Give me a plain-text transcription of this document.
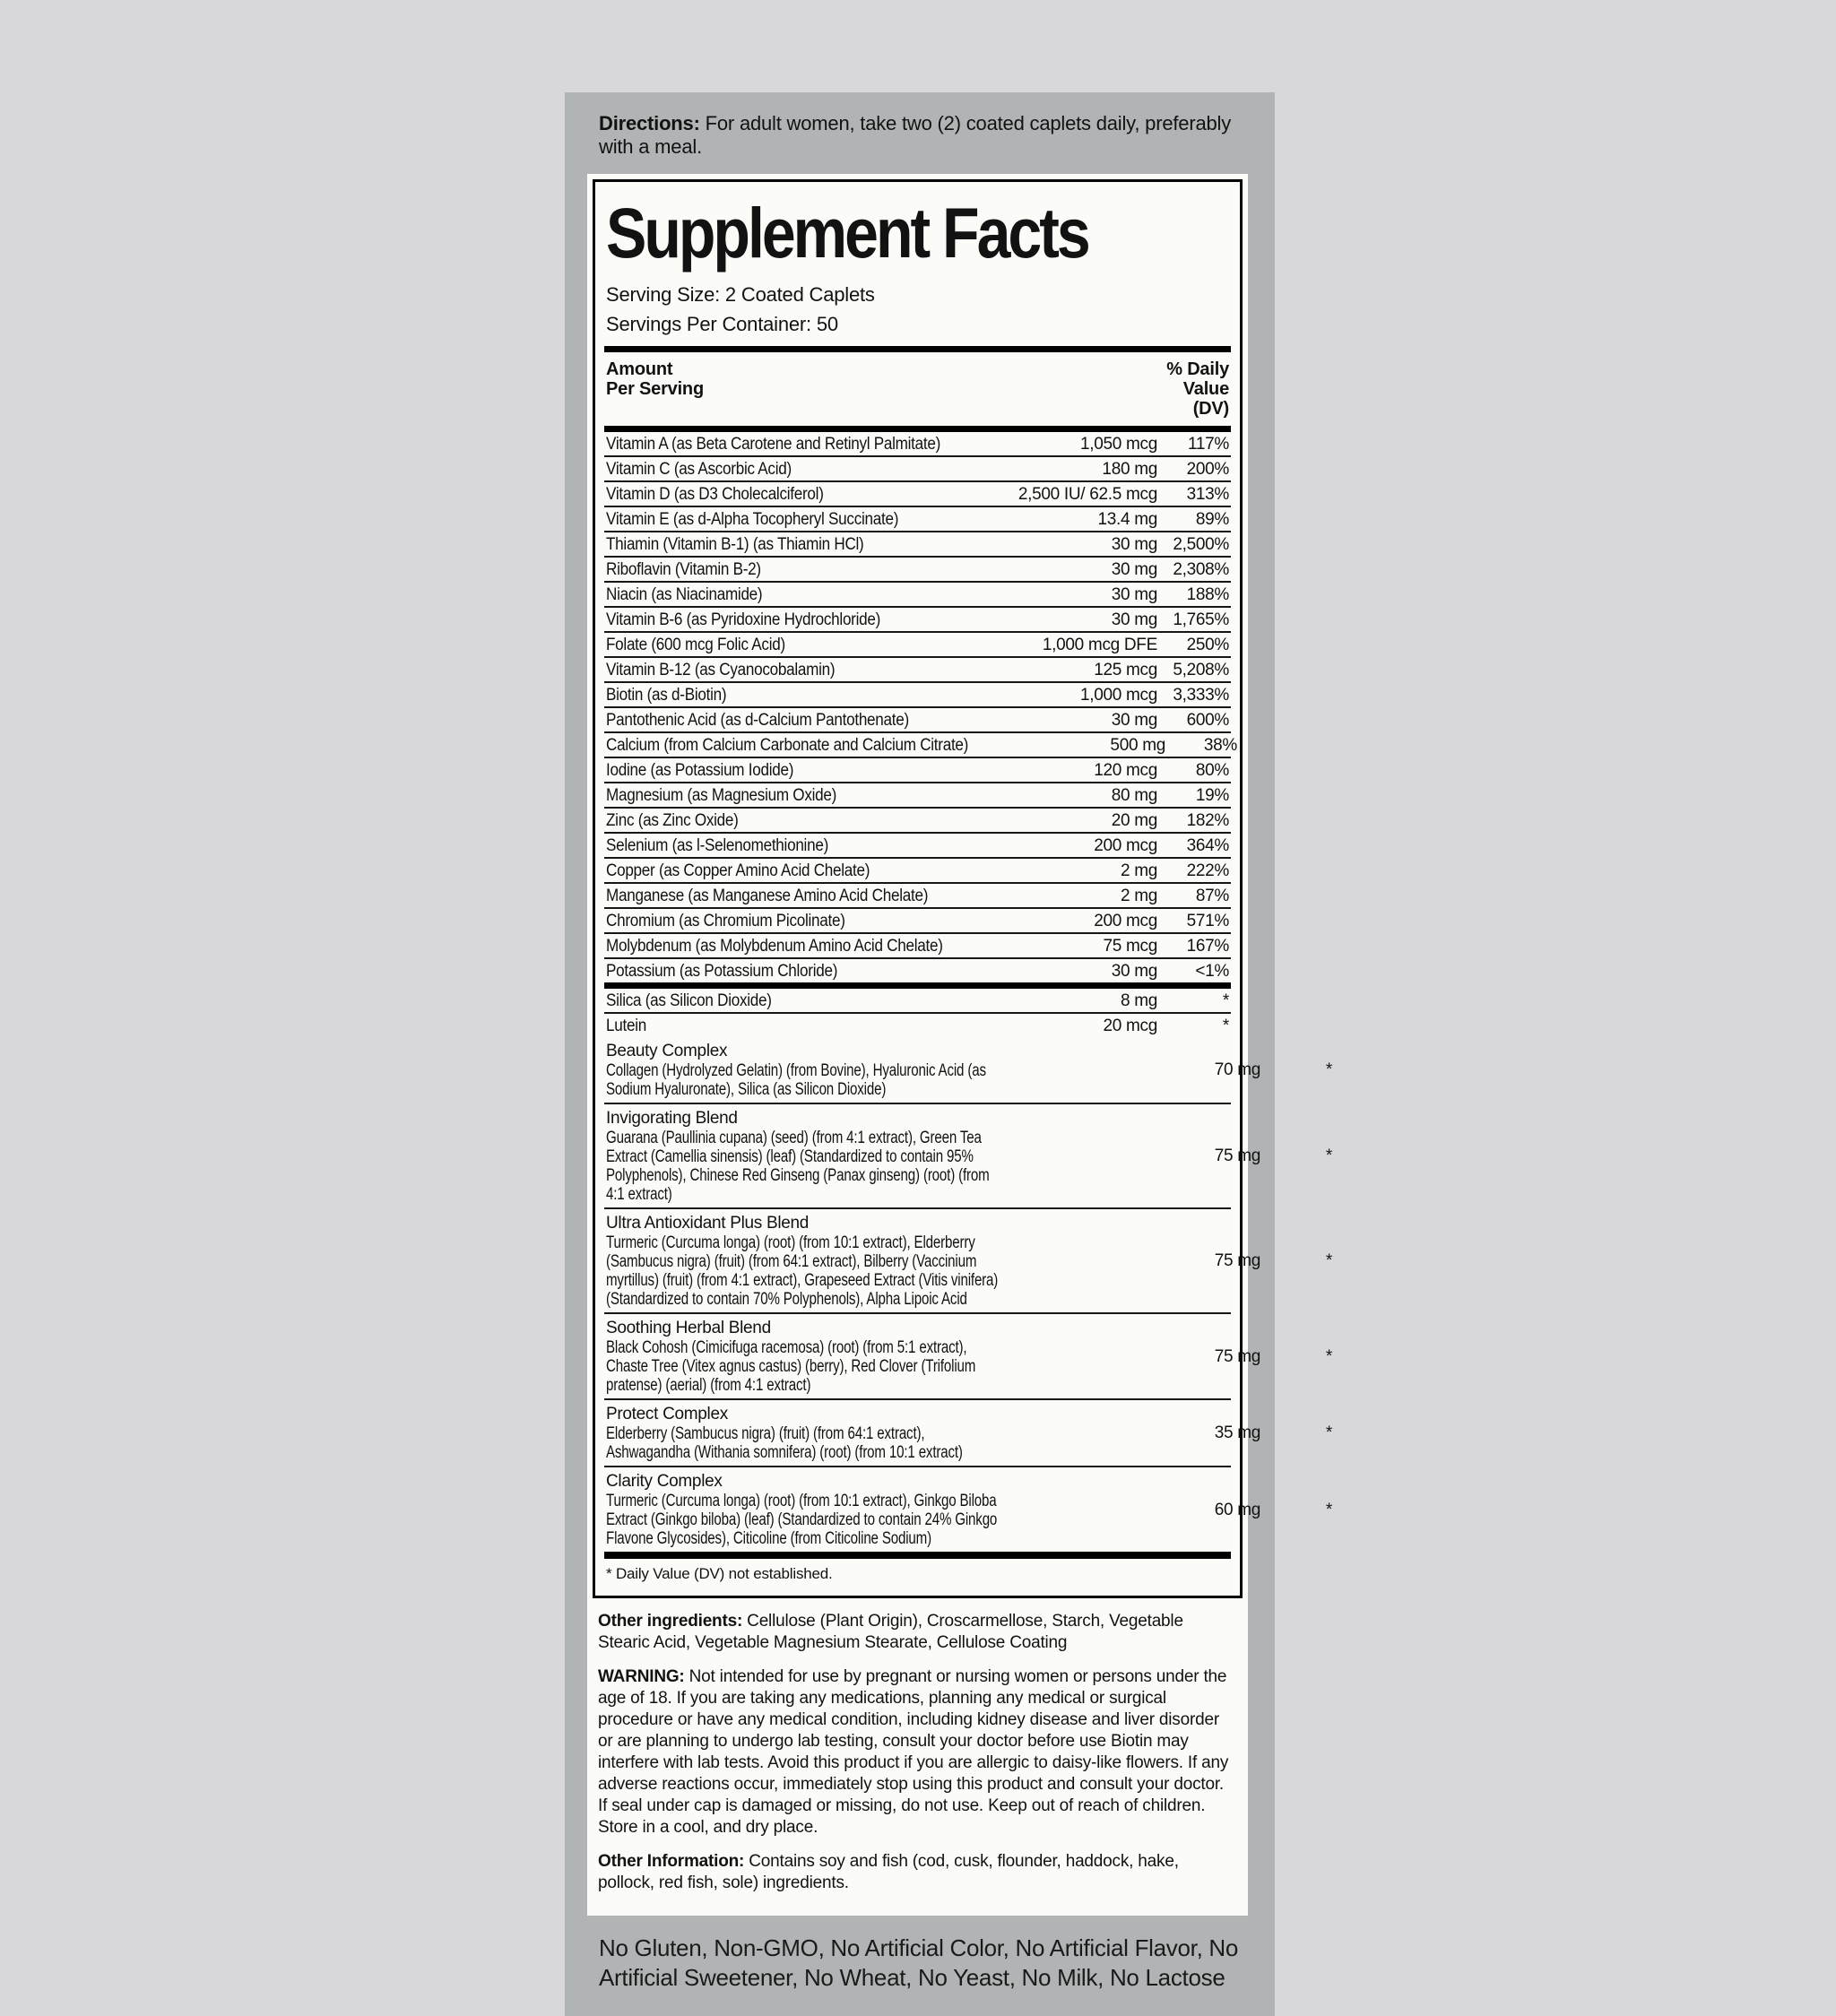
Directions: For adult women, take two (2) coated caplets daily, preferably with a meal.
Supplement Facts
Serving Size: 2 Coated Caplets
Servings Per Container: 50
Amount
Per Serving
% Daily
Value
(DV)
Vitamin A (as Beta Carotene and Retinyl Palmitate)	1,050 mcg	117%
Vitamin C (as Ascorbic Acid)	180 mg	200%
Vitamin D (as D3 Cholecalciferol)	2,500 IU/ 62.5 mcg	313%
Vitamin E (as d-Alpha Tocopheryl Succinate)	13.4 mg	89%
Thiamin (Vitamin B-1) (as Thiamin HCl)	30 mg 2,500%
Riboflavin (Vitamin B-2)	30 mg 2,308%
Niacin (as Niacinamide)	30 mg	188%
Vitamin B-6 (as Pyridoxine Hydrochloride)	30 mg 1,765%
Folate (600 mcg Folic Acid)	1,000 mcg DFE	250%
Vitamin B-12 (as Cyanocobalamin)	125 mcg 5,208%
Biotin (as d-Biotin)	1,000 mcg 3,333%
Pantothenic Acid (as d-Calcium Pantothenate)	30 mg	600%
Calcium (from Calcium Carbonate and Calcium Citrate)	500 mg	38%
Iodine (as Potassium Iodide)	120 mcg	80%
Magnesium (as Magnesium Oxide)	80 mg	19%
Zinc (as Zinc Oxide)	20 mg	182%
Selenium (as l-Selenomethionine)	200 mcg	364%
Copper (as Copper Amino Acid Chelate)	2 mg	222%
Manganese (as Manganese Amino Acid Chelate)	2 mg	87%
Chromium (as Chromium Picolinate)	200 mcg	571%
Molybdenum (as Molybdenum Amino Acid Chelate)	75 mcg	167%
Potassium (as Potassium Chloride)	30 mg	<1%
Silica (as Silicon Dioxide)	8 mg	*
Lutein	20 mcg	*
Beauty Complex
Collagen (Hydrolyzed Gelatin) (from Bovine), Hyaluronic Acid (as Sodium Hyaluronate), Silica (as Silicon Dioxide)
70 mg	*
Invigorating Blend
Guarana (Paullinia cupana) (seed) (from 4:1 extract), Green Tea Extract (Camellia sinensis) (leaf) (Standardized to contain 95% Polyphenols), Chinese Red Ginseng (Panax ginseng) (root) (from 4:1 extract)
75 mg	*
Ultra Antioxidant Plus Blend
Turmeric (Curcuma longa) (root) (from 10:1 extract), Elderberry (Sambucus nigra) (fruit) (from 64:1 extract), Bilberry (Vaccinium myrtillus) (fruit) (from 4:1 extract), Grapeseed Extract (Vitis vinifera) (Standardized to contain 70% Polyphenols), Alpha Lipoic Acid
75 mg	*
Soothing Herbal Blend
Black Cohosh (Cimicifuga racemosa) (root) (from 5:1 extract), Chaste Tree (Vitex agnus castus) (berry), Red Clover (Trifolium pratense) (aerial) (from 4:1 extract)
75 mg	*
Protect Complex
Elderberry (Sambucus nigra) (fruit) (from 64:1 extract), Ashwagandha (Withania somnifera) (root) (from 10:1 extract)
35 mg	*
Clarity Complex
Turmeric (Curcuma longa) (root) (from 10:1 extract), Ginkgo Biloba Extract (Ginkgo biloba) (leaf) (Standardized to contain 24% Ginkgo Flavone Glycosides), Citicoline (from Citicoline Sodium)
60 mg	*
* Daily Value (DV) not established.

Other ingredients: Cellulose (Plant Origin), Croscarmellose, Starch, Vegetable Stearic Acid, Vegetable Magnesium Stearate, Cellulose Coating

WARNING: Not intended for use by pregnant or nursing women or persons under the age of 18. If you are taking any medications, planning any medical or surgical procedure or have any medical condition, including kidney disease and liver disorder or are planning to undergo lab testing, consult your doctor before use Biotin may interfere with lab tests. Avoid this product if you are allergic to daisy-like flowers. If any adverse reactions occur, immediately stop using this product and consult your doctor. If seal under cap is damaged or missing, do not use. Keep out of reach of children. Store in a cool, and dry place.

Other Information: Contains soy and fish (cod, cusk, flounder, haddock, hake, pollock, red fish, sole) ingredients.

No Gluten, Non-GMO, No Artificial Color, No Artificial Flavor, No Artificial Sweetener, No Wheat, No Yeast, No Milk, No Lactose
